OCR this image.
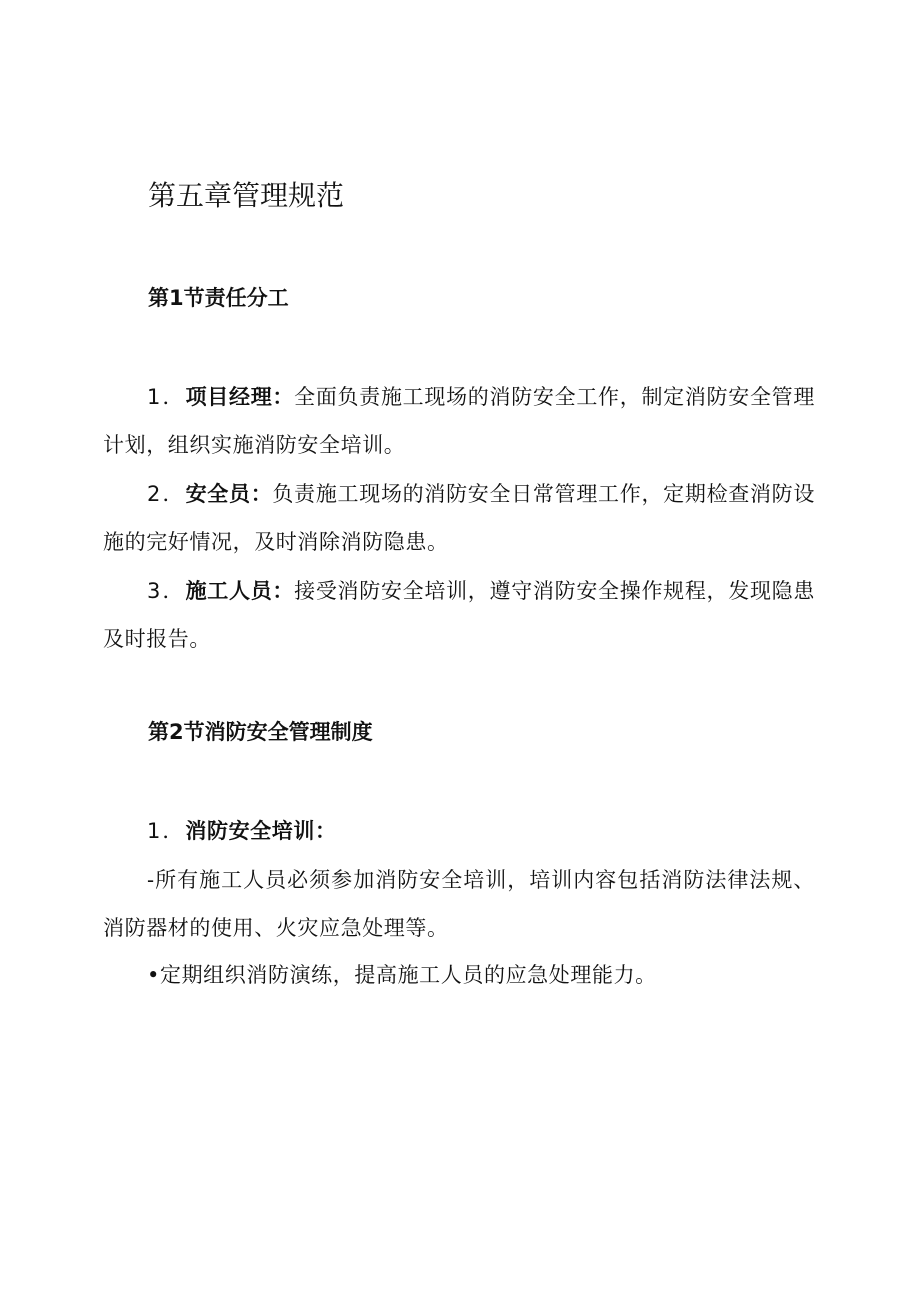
第五章管理规范
第1节责任分工

1．项目经理：全面负责施工现场的消防安全工作，制定消防安全管理计划，组织实施消防安全培训。

2．安全员：负责施工现场的消防安全日常管理工作，定期检查消防设施的完好情况，及时消除消防隐患。

3．施工人员：接受消防安全培训，遵守消防安全操作规程，发现隐患及时报告。

第2节消防安全管理制度

1．消防安全培训：

-所有施工人员必须参加消防安全培训，培训内容包括消防法律法规、消防器材的使用、火灾应急处理等。

•定期组织消防演练，提高施工人员的应急处理能力。
